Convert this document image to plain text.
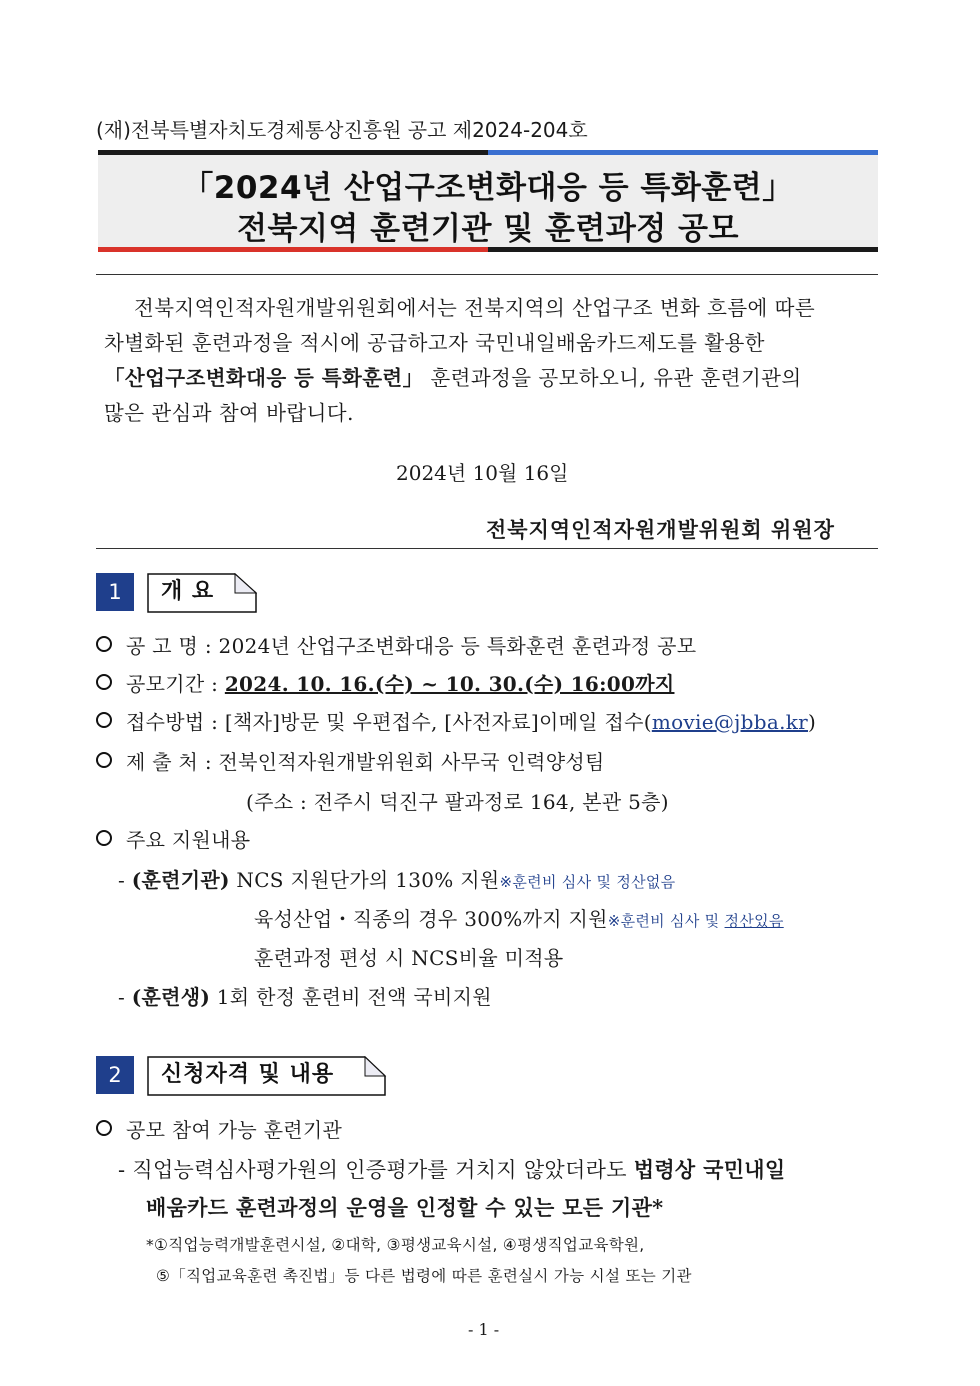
(재)전북특별자치도경제통상진흥원 공고 제2024-204호
「2024년 산업구조변화대응 등 특화훈련」
전북지역 훈련기관 및 훈련과정 공모
전북지역인적자원개발위원회에서는 전북지역의 산업구조 변화 흐름에 따른
차별화된 훈련과정을 적시에 공급하고자 국민내일배움카드제도를 활용한
「산업구조변화대응 등 특화훈련」 훈련과정을 공모하오니, 유관 훈련기관의
많은 관심과 참여 바랍니다.
2024년 10월 16일
전북지역인적자원개발위원회 위원장
1	개 요
공 고 명 : 2024년 산업구조변화대응 등 특화훈련 훈련과정 공모
공모기간 : 2024. 10. 16.(수) ~ 10. 30.(수) 16:00까지
접수방법 : [책자]방문 및 우편접수, [사전자료]이메일 접수(movie@jbba.kr)
제 출 처 : 전북인적자원개발위원회 사무국 인력양성팀
(주소 : 전주시 덕진구 팔과정로 164, 본관 5층)
주요 지원내용
- (훈련기관) NCS 지원단가의 130% 지원※훈련비 심사 및 정산없음
육성산업・직종의 경우 300%까지 지원※훈련비 심사 및 정산있음
훈련과정 편성 시 NCS비율 미적용
- (훈련생) 1회 한정 훈련비 전액 국비지원
2	신청자격 및 내용
공모 참여 가능 훈련기관
- 직업능력심사평가원의 인증평가를 거치지 않았더라도 법령상 국민내일
배움카드 훈련과정의 운영을 인정할 수 있는 모든 기관*
*①직업능력개발훈련시설, ②대학, ③평생교육시설, ④평생직업교육학원,
⑤「직업교육훈련 촉진법」등 다른 법령에 따른 훈련실시 가능 시설 또는 기관
- 1 -
